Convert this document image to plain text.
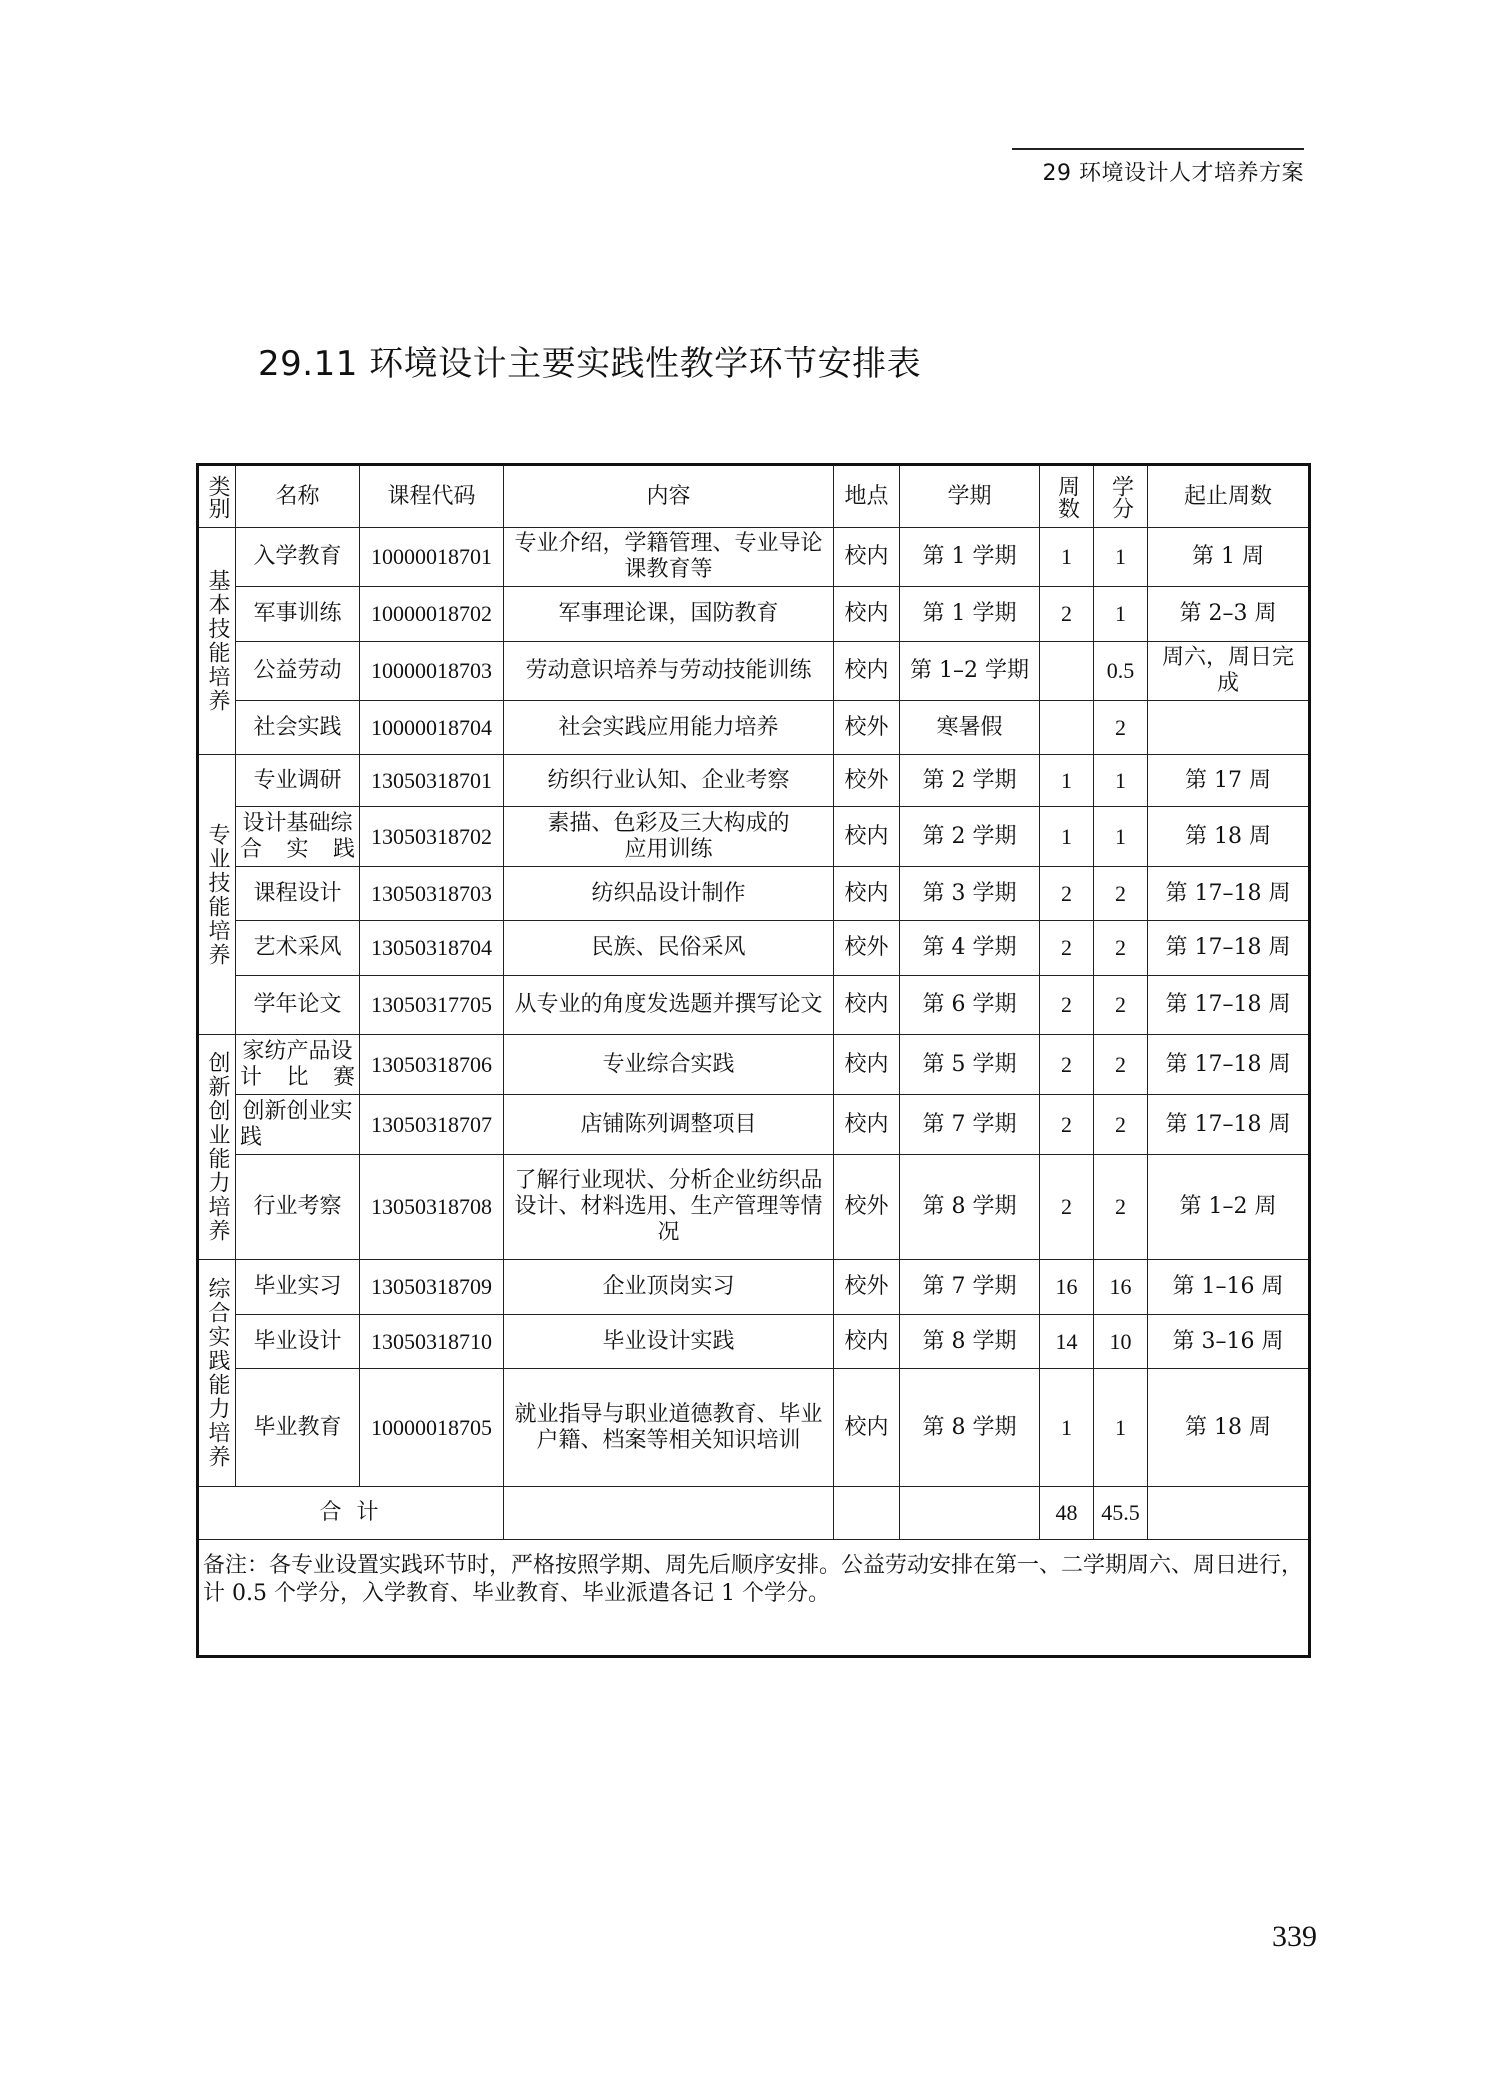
29 环境设计人才培养方案
29.11 环境设计主要实践性教学环节安排表
类别	名称	课程代码	内容	地点	学期	周数	学分	起止周数

基本技能培养	入学教育	10000018701	专业介绍，学籍管理、专业导论课教育等	校内	第 1 学期	1	1	第 1 周
	军事训练	10000018702	军事理论课，国防教育	校内	第 1 学期	2	1	第 2–3 周
	公益劳动	10000018703	劳动意识培养与劳动技能训练	校内	第 1–2 学期		0.5	周六，周日完成
	社会实践	10000018704	社会实践应用能力培养	校外	寒暑假		2	

专业技能培养	专业调研	13050318701	纺织行业认知、企业考察	校外	第 2 学期	1	1	第 17 周
	设计基础综合实践	13050318702	素描、色彩及三大构成的应用训练	校内	第 2 学期	1	1	第 18 周
	课程设计	13050318703	纺织品设计制作	校内	第 3 学期	2	2	第 17–18 周
	艺术采风	13050318704	民族、民俗采风	校外	第 4 学期	2	2	第 17–18 周
	学年论文	13050317705	从专业的角度发选题并撰写论文	校内	第 6 学期	2	2	第 17–18 周

创新创业能力培养	家纺产品设计比赛	13050318706	专业综合实践	校内	第 5 学期	2	2	第 17–18 周
	创新创业实践	13050318707	店铺陈列调整项目	校内	第 7 学期	2	2	第 17–18 周
	行业考察	13050318708	了解行业现状、分析企业纺织品设计、材料选用、生产管理等情况	校外	第 8 学期	2	2	第 1–2 周

综合实践能力培养	毕业实习	13050318709	企业顶岗实习	校外	第 7 学期	16	16	第 1–16 周
	毕业设计	13050318710	毕业设计实践	校内	第 8 学期	14	10	第 3–16 周
	毕业教育	10000018705	就业指导与职业道德教育、毕业户籍、档案等相关知识培训	校内	第 8 学期	1	1	第 18 周
合 计						48	45.5	
备注：各专业设置实践环节时，严格按照学期、周先后顺序安排。公益劳动安排在第一、二学期周六、周日进行，计 0.5 个学分，入学教育、毕业教育、毕业派遣各记 1 个学分。								
339
